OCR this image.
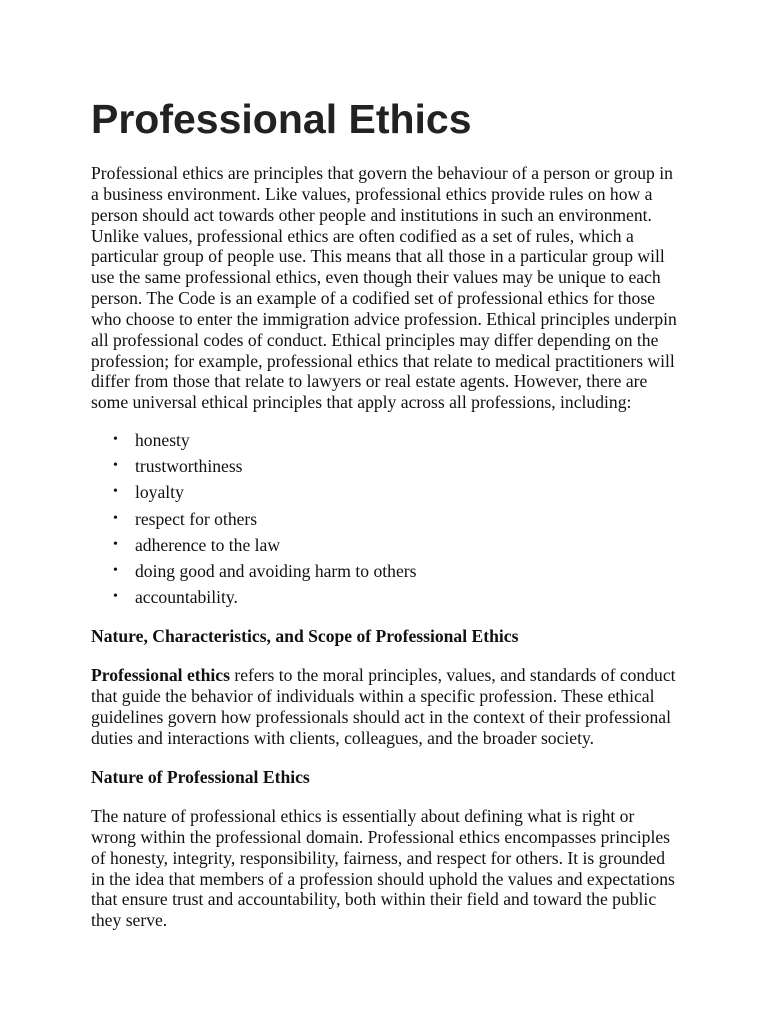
Professional Ethics

Professional ethics are principles that govern the behaviour of a person or group in
a business environment. Like values, professional ethics provide rules on how a
person should act towards other people and institutions in such an environment.
Unlike values, professional ethics are often codified as a set of rules, which a
particular group of people use. This means that all those in a particular group will
use the same professional ethics, even though their values may be unique to each
person. The Code is an example of a codified set of professional ethics for those
who choose to enter the immigration advice profession. Ethical principles underpin
all professional codes of conduct. Ethical principles may differ depending on the
profession; for example, professional ethics that relate to medical practitioners will
differ from those that relate to lawyers or real estate agents. However, there are
some universal ethical principles that apply across all professions, including:

• honesty
• trustworthiness
• loyalty
• respect for others
• adherence to the law
• doing good and avoiding harm to others
• accountability.
Nature, Characteristics, and Scope of Professional Ethics

Professional ethics refers to the moral principles, values, and standards of conduct
that guide the behavior of individuals within a specific profession. These ethical
guidelines govern how professionals should act in the context of their professional
duties and interactions with clients, colleagues, and the broader society.

Nature of Professional Ethics

The nature of professional ethics is essentially about defining what is right or
wrong within the professional domain. Professional ethics encompasses principles
of honesty, integrity, responsibility, fairness, and respect for others. It is grounded
in the idea that members of a profession should uphold the values and expectations
that ensure trust and accountability, both within their field and toward the public
they serve.
